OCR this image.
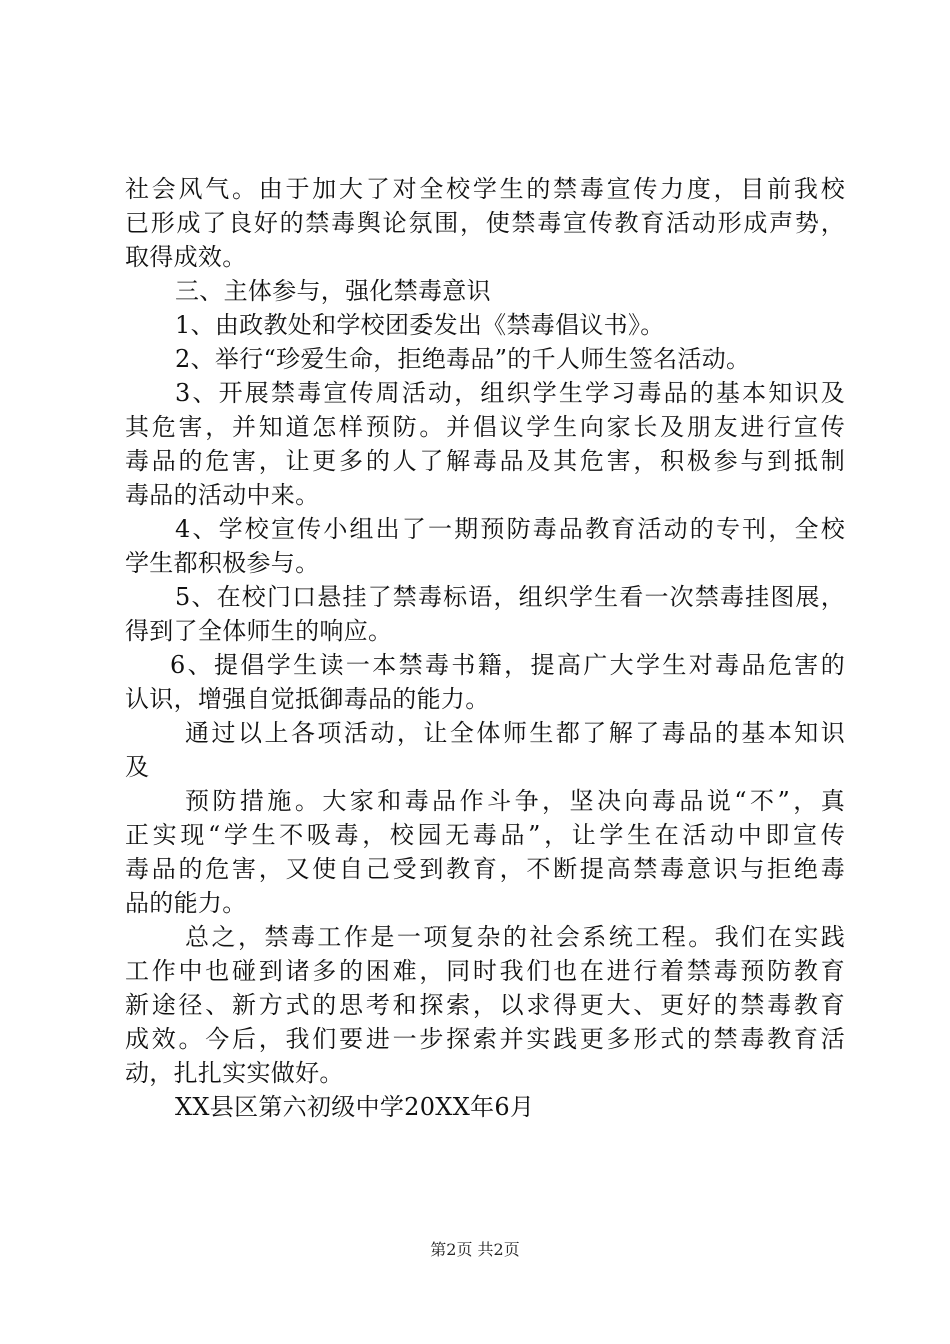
社会风气。由于加大了对全校学生的禁毒宣传力度，目前我校
已形成了良好的禁毒舆论氛围，使禁毒宣传教育活动形成声势，
取得成效。
三、主体参与，强化禁毒意识
1、由政教处和学校团委发出《禁毒倡议书》。
2、举行“珍爱生命，拒绝毒品”的千人师生签名活动。
3、开展禁毒宣传周活动，组织学生学习毒品的基本知识及
其危害，并知道怎样预防。并倡议学生向家长及朋友进行宣传
毒品的危害，让更多的人了解毒品及其危害，积极参与到抵制
毒品的活动中来。
4、学校宣传小组出了一期预防毒品教育活动的专刊，全校
学生都积极参与。
5、在校门口悬挂了禁毒标语，组织学生看一次禁毒挂图展，
得到了全体师生的响应。
6、提倡学生读一本禁毒书籍，提高广大学生对毒品危害的
认识，增强自觉抵御毒品的能力。
通过以上各项活动，让全体师生都了解了毒品的基本知识
及
预防措施。大家和毒品作斗争，坚决向毒品说“不”，真
正实现“学生不吸毒，校园无毒品”，让学生在活动中即宣传
毒品的危害，又使自己受到教育，不断提高禁毒意识与拒绝毒
品的能力。
总之，禁毒工作是一项复杂的社会系统工程。我们在实践
工作中也碰到诸多的困难，同时我们也在进行着禁毒预防教育
新途径、新方式的思考和探索，以求得更大、更好的禁毒教育
成效。今后，我们要进一步探索并实践更多形式的禁毒教育活
动，扎扎实实做好。
XX县区第六初级中学20XX年6月
第2页 共2页
